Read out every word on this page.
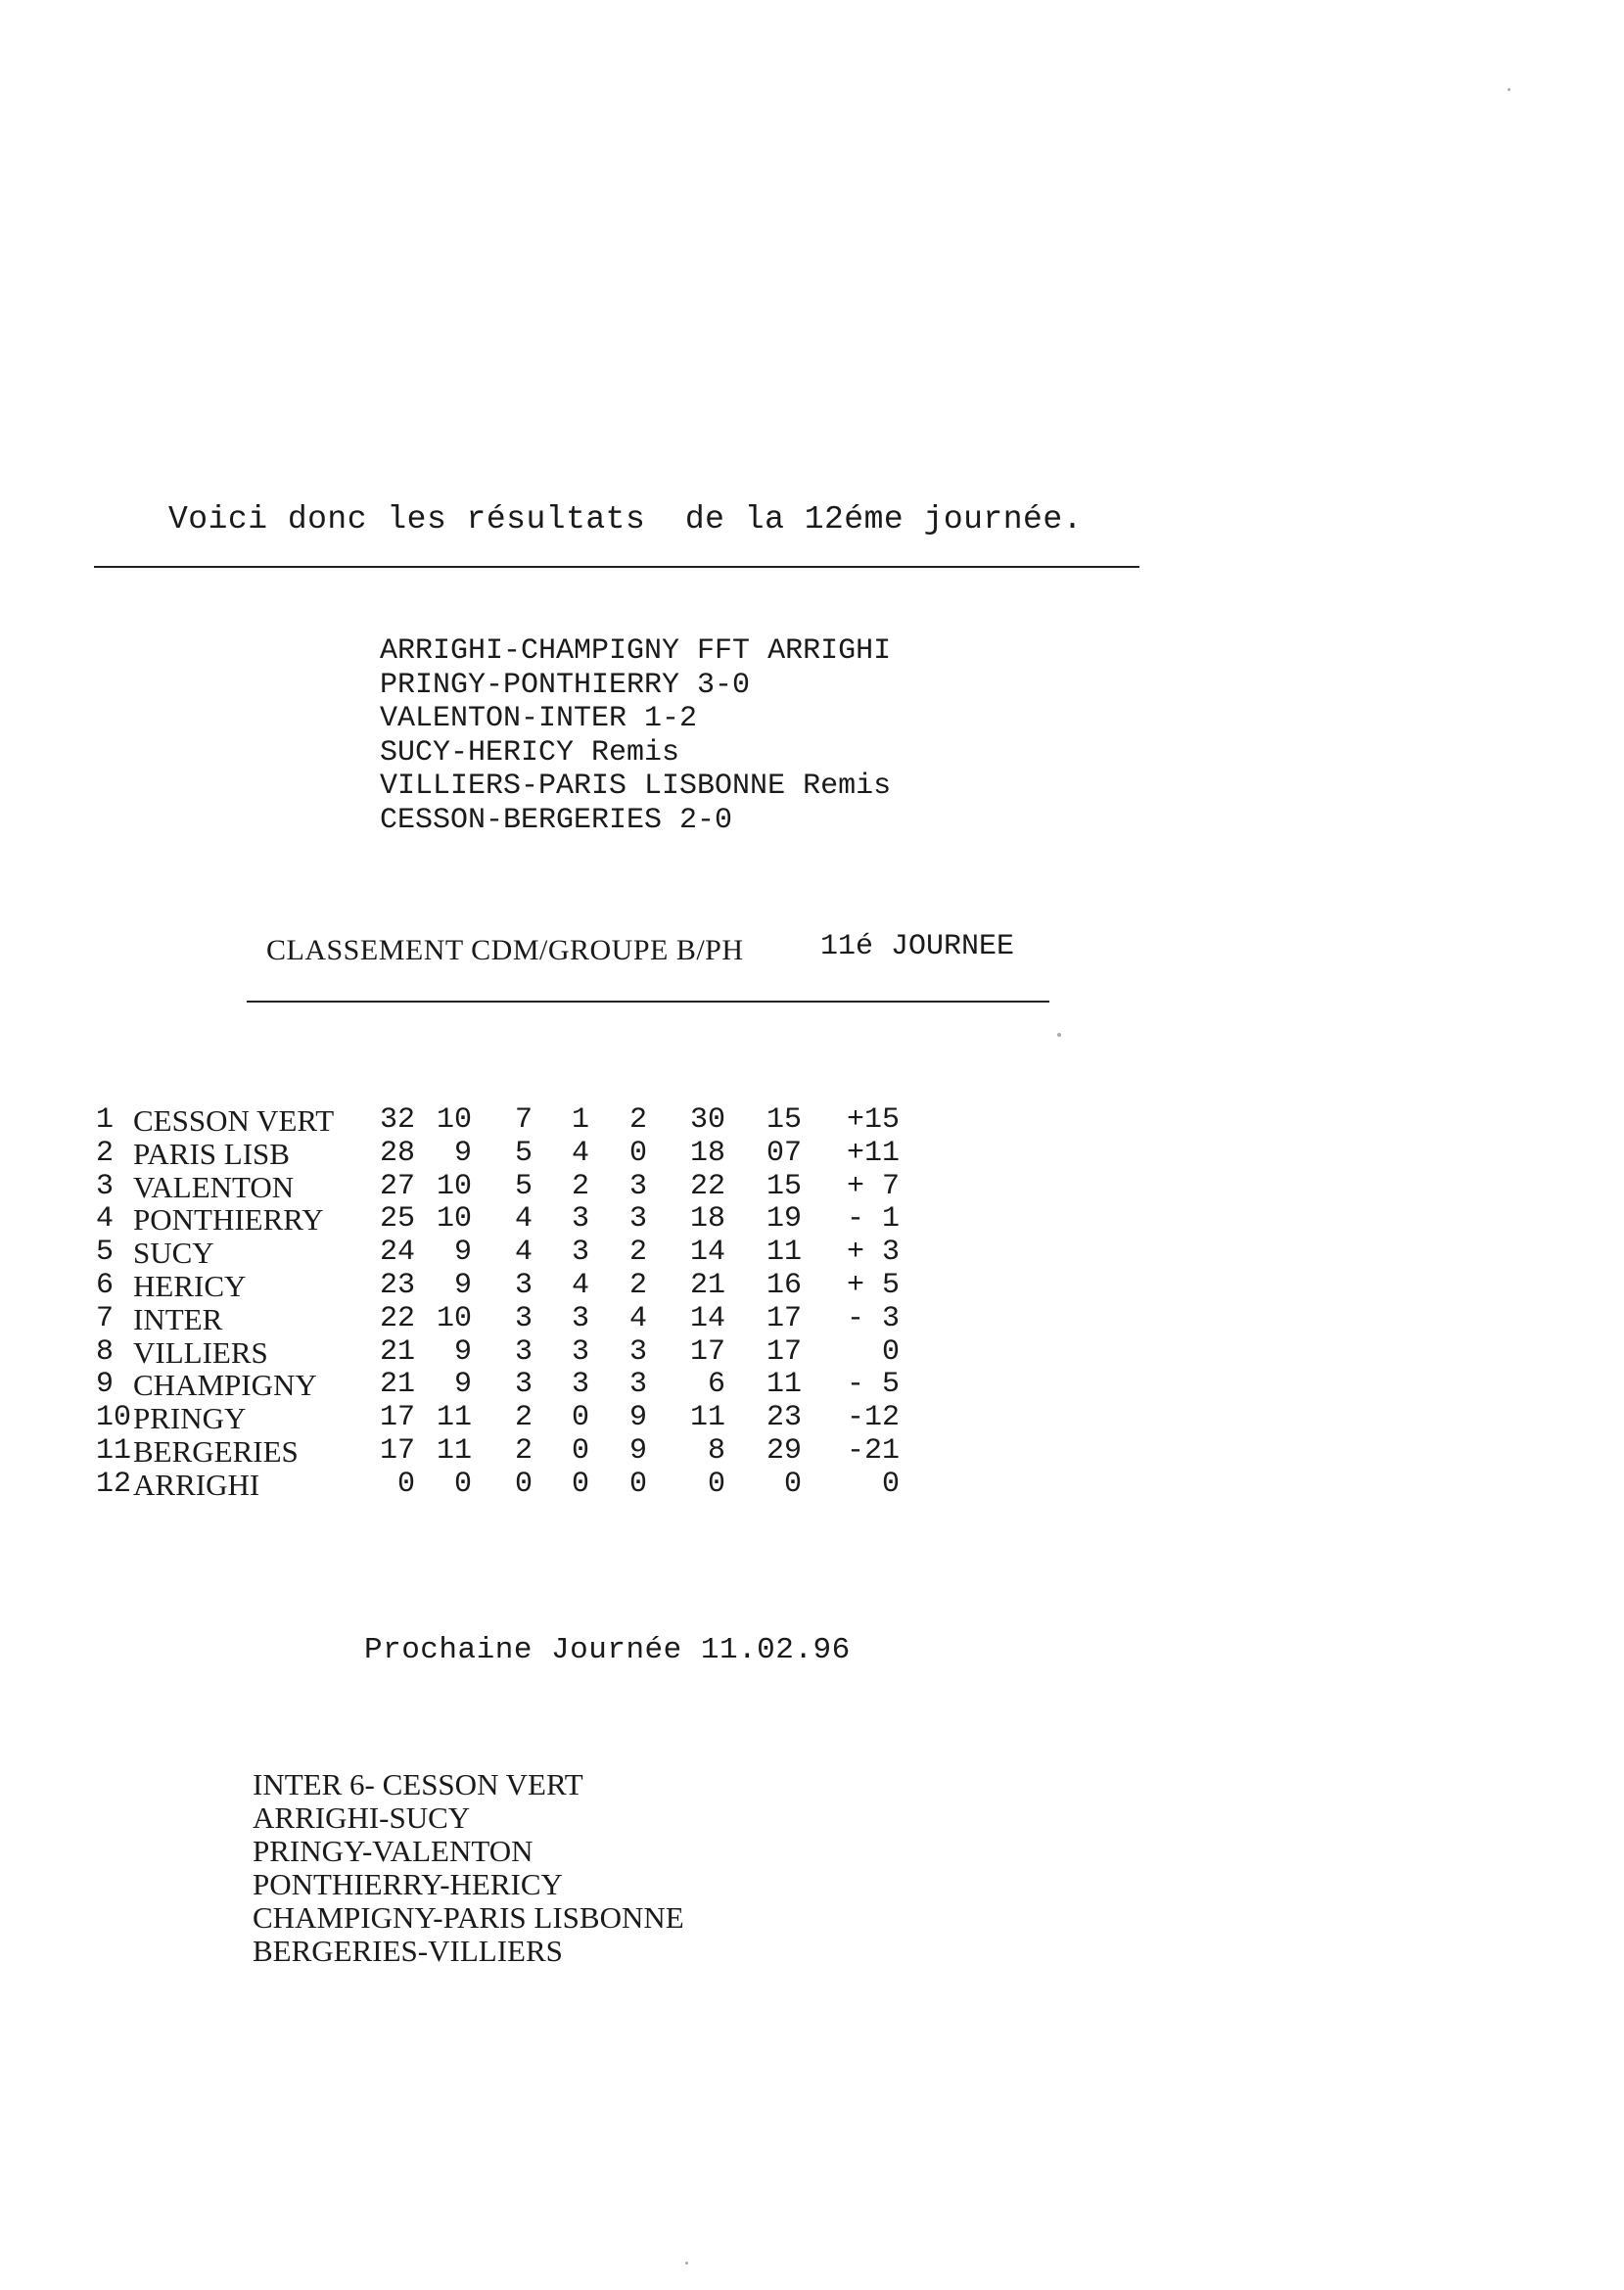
Voici donc les résultats  de la 12éme journée.
ARRIGHI-CHAMPIGNY FFT ARRIGHI
PRINGY-PONTHIERRY 3-0
VALENTON-INTER 1-2
SUCY-HERICY Remis
VILLIERS-PARIS LISBONNE Remis
CESSON-BERGERIES 2-0
CLASSEMENT CDM/GROUPE B/PH	11é JOURNEE
1	CESSON VERT	32	10	7	1	2	30	15	+15
2	PARIS LISB	28	9	5	4	0	18	07	+11
3	VALENTON	27	10	5	2	3	22	15	+ 7
4	PONTHIERRY	25	10	4	3	3	18	19	- 1
5	SUCY	24	9	4	3	2	14	11	+ 3
6	HERICY	23	9	3	4	2	21	16	+ 5
7	INTER	22	10	3	3	4	14	17	- 3
8	VILLIERS	21	9	3	3	3	17	17	0
9	CHAMPIGNY	21	9	3	3	3	6	11	- 5
10	PRINGY	17	11	2	0	9	11	23	-12
11	BERGERIES	17	11	2	0	9	8	29	-21
12	ARRIGHI	0	0	0	0	0	0	0	0
Prochaine Journée 11.02.96
INTER 6- CESSON VERT
ARRIGHI-SUCY
PRINGY-VALENTON
PONTHIERRY-HERICY
CHAMPIGNY-PARIS LISBONNE
BERGERIES-VILLIERS
